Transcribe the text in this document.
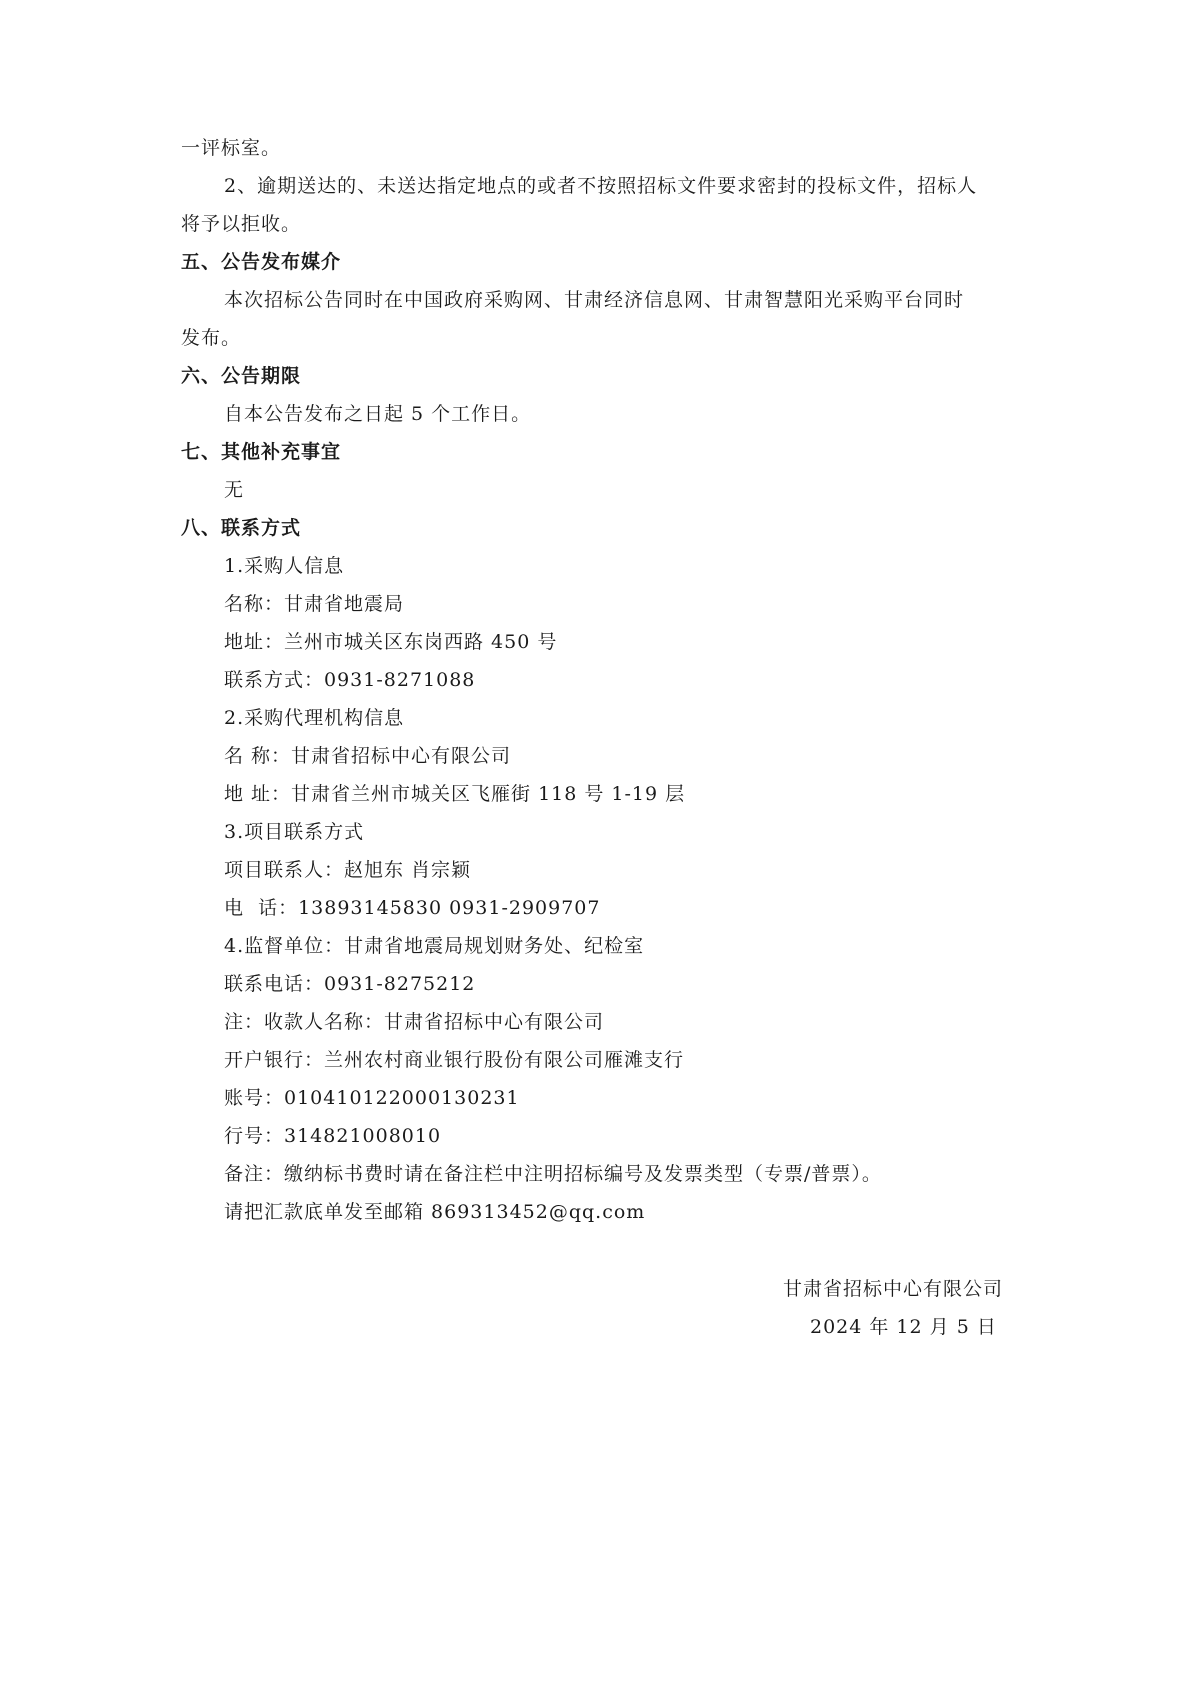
一评标室。
2、逾期送达的、未送达指定地点的或者不按照招标文件要求密封的投标文件，招标人
将予以拒收。
五、公告发布媒介
本次招标公告同时在中国政府采购网、甘肃经济信息网、甘肃智慧阳光采购平台同时
发布。
六、公告期限
自本公告发布之日起 5 个工作日。
七、其他补充事宜
无
八、联系方式
1.采购人信息
名称：甘肃省地震局
地址：兰州市城关区东岗西路 450 号
联系方式：0931-8271088
2.采购代理机构信息
名 称：甘肃省招标中心有限公司
地 址：甘肃省兰州市城关区飞雁街 118 号 1-19 层
3.项目联系方式
项目联系人：赵旭东 肖宗颖
电  话：13893145830 0931-2909707
4.监督单位：甘肃省地震局规划财务处、纪检室
联系电话：0931-8275212
注：收款人名称：甘肃省招标中心有限公司
开户银行：兰州农村商业银行股份有限公司雁滩支行
账号：010410122000130231
行号：314821008010
备注：缴纳标书费时请在备注栏中注明招标编号及发票类型（专票/普票）。
请把汇款底单发至邮箱 869313452@qq.com
甘肃省招标中心有限公司
2024 年 12 月 5 日
